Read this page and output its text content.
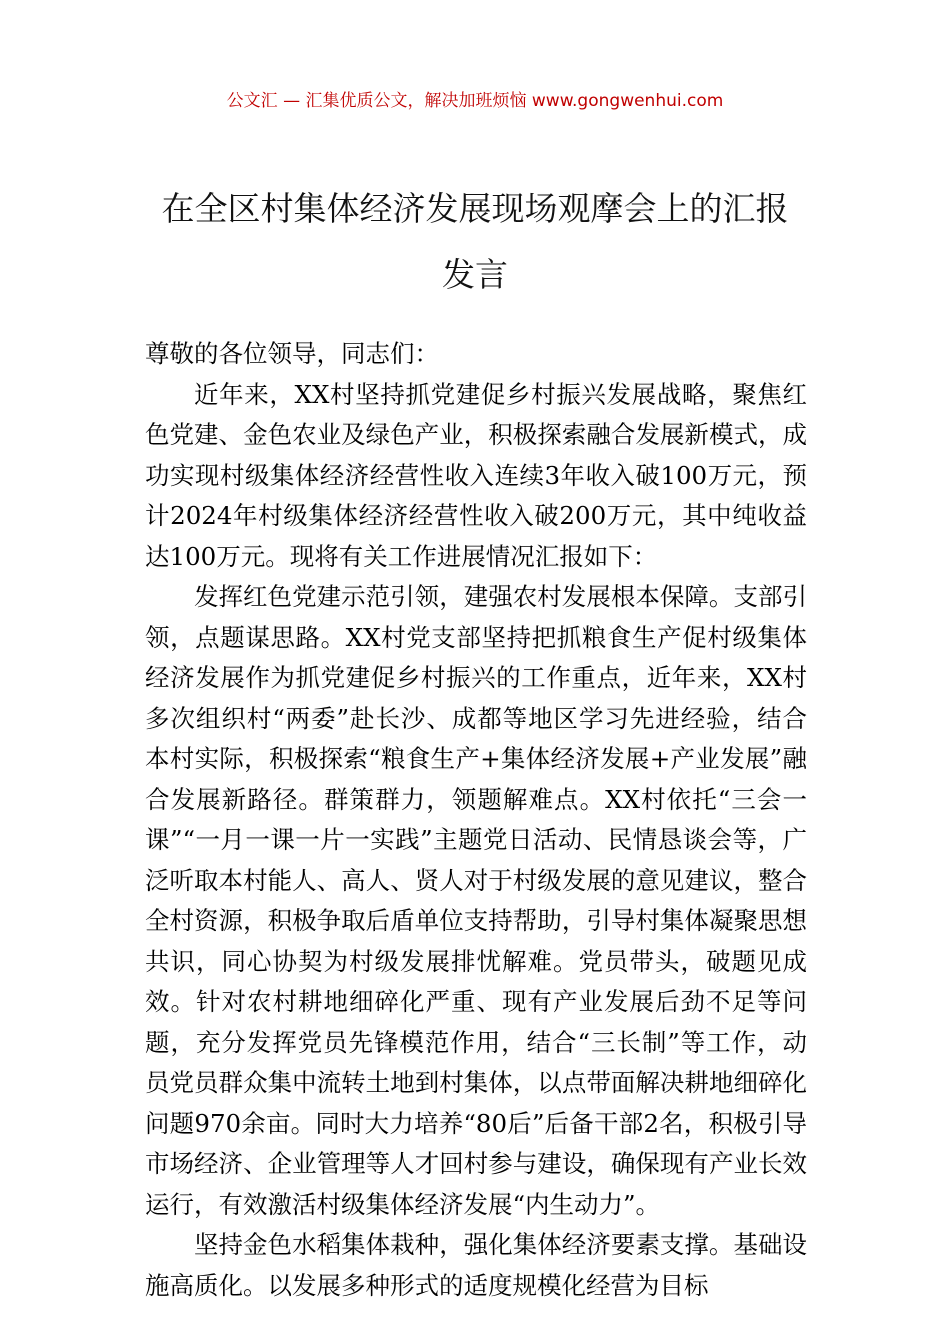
公文汇 — 汇集优质公文，解决加班烦恼 www.gongwenhui.com
在全区村集体经济发展现场观摩会上的汇报发言

尊敬的各位领导，同志们：

近年来，XX村坚持抓党建促乡村振兴发展战略，聚焦红色党建、金色农业及绿色产业，积极探索融合发展新模式，成功实现村级集体经济经营性收入连续3年收入破100万元，预计2024年村级集体经济经营性收入破200万元，其中纯收益达100万元。现将有关工作进展情况汇报如下：

发挥红色党建示范引领，建强农村发展根本保障。支部引领，点题谋思路。XX村党支部坚持把抓粮食生产促村级集体经济发展作为抓党建促乡村振兴的工作重点，近年来，XX村多次组织村“两委”赴长沙、成都等地区学习先进经验，结合本村实际，积极探索“粮食生产+集体经济发展+产业发展”融合发展新路径。群策群力，领题解难点。XX村依托“三会一课”“一月一课一片一实践”主题党日活动、民情恳谈会等，广泛听取本村能人、高人、贤人对于村级发展的意见建议，整合全村资源，积极争取后盾单位支持帮助，引导村集体凝聚思想共识，同心协契为村级发展排忧解难。党员带头，破题见成效。针对农村耕地细碎化严重、现有产业发展后劲不足等问题，充分发挥党员先锋模范作用，结合“三长制”等工作，动员党员群众集中流转土地到村集体，以点带面解决耕地细碎化问题970余亩。同时大力培养“80后”后备干部2名，积极引导市场经济、企业管理等人才回村参与建设，确保现有产业长效运行，有效激活村级集体经济发展“内生动力”。

坚持金色水稻集体栽种，强化集体经济要素支撑。基础设施高质化。以发展多种形式的适度规模化经营为目标
